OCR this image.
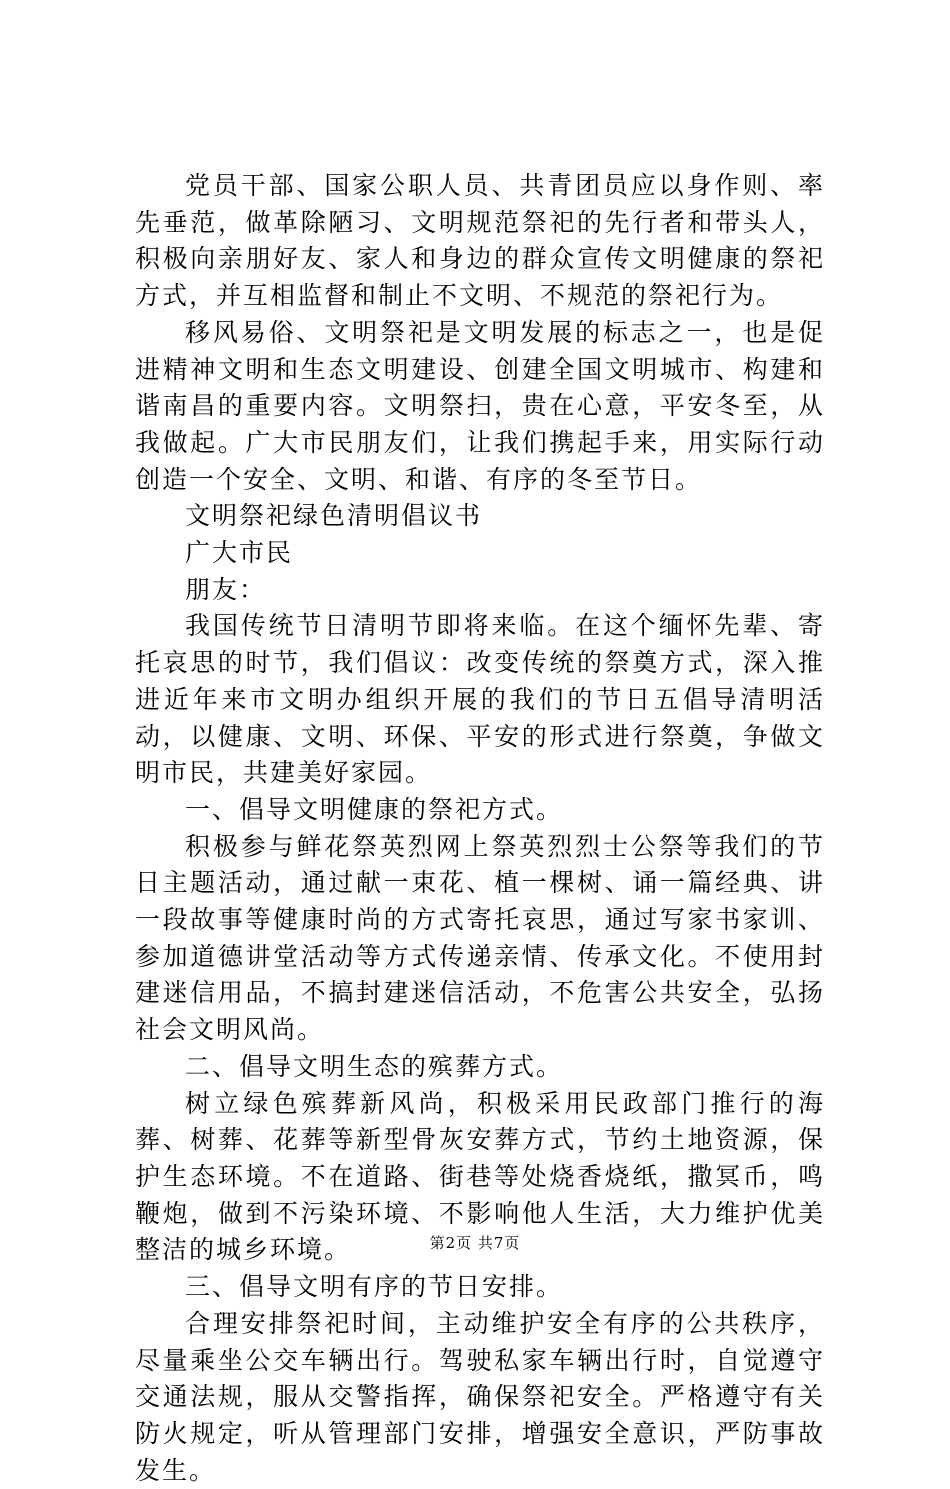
党员干部、国家公职人员、共青团员应以身作则、率先垂范，做革除陋习、文明规范祭祀的先行者和带头人，积极向亲朋好友、家人和身边的群众宣传文明健康的祭祀方式，并互相监督和制止不文明、不规范的祭祀行为。

移风易俗、文明祭祀是文明发展的标志之一，也是促进精神文明和生态文明建设、创建全国文明城市、构建和谐南昌的重要内容。文明祭扫，贵在心意，平安冬至，从我做起。广大市民朋友们，让我们携起手来，用实际行动创造一个安全、文明、和谐、有序的冬至节日。

文明祭祀绿色清明倡议书

广大市民

朋友：

我国传统节日清明节即将来临。在这个缅怀先辈、寄托哀思的时节，我们倡议：改变传统的祭奠方式，深入推进近年来市文明办组织开展的我们的节日五倡导清明活动，以健康、文明、环保、平安的形式进行祭奠，争做文明市民，共建美好家园。

一、倡导文明健康的祭祀方式。

积极参与鲜花祭英烈网上祭英烈烈士公祭等我们的节日主题活动，通过献一束花、植一棵树、诵一篇经典、讲一段故事等健康时尚的方式寄托哀思，通过写家书家训、参加道德讲堂活动等方式传递亲情、传承文化。不使用封建迷信用品，不搞封建迷信活动，不危害公共安全，弘扬社会文明风尚。

二、倡导文明生态的殡葬方式。

树立绿色殡葬新风尚，积极采用民政部门推行的海葬、树葬、花葬等新型骨灰安葬方式，节约土地资源，保护生态环境。不在道路、街巷等处烧香烧纸，撒冥币，鸣鞭炮，做到不污染环境、不影响他人生活，大力维护优美整洁的城乡环境。

三、倡导文明有序的节日安排。

合理安排祭祀时间，主动维护安全有序的公共秩序，尽量乘坐公交车辆出行。驾驶私家车辆出行时，自觉遵守交通法规，服从交警指挥，确保祭祀安全。严格遵守有关防火规定，听从管理部门安排，增强安全意识，严防事故发生。

第2页 共7页
